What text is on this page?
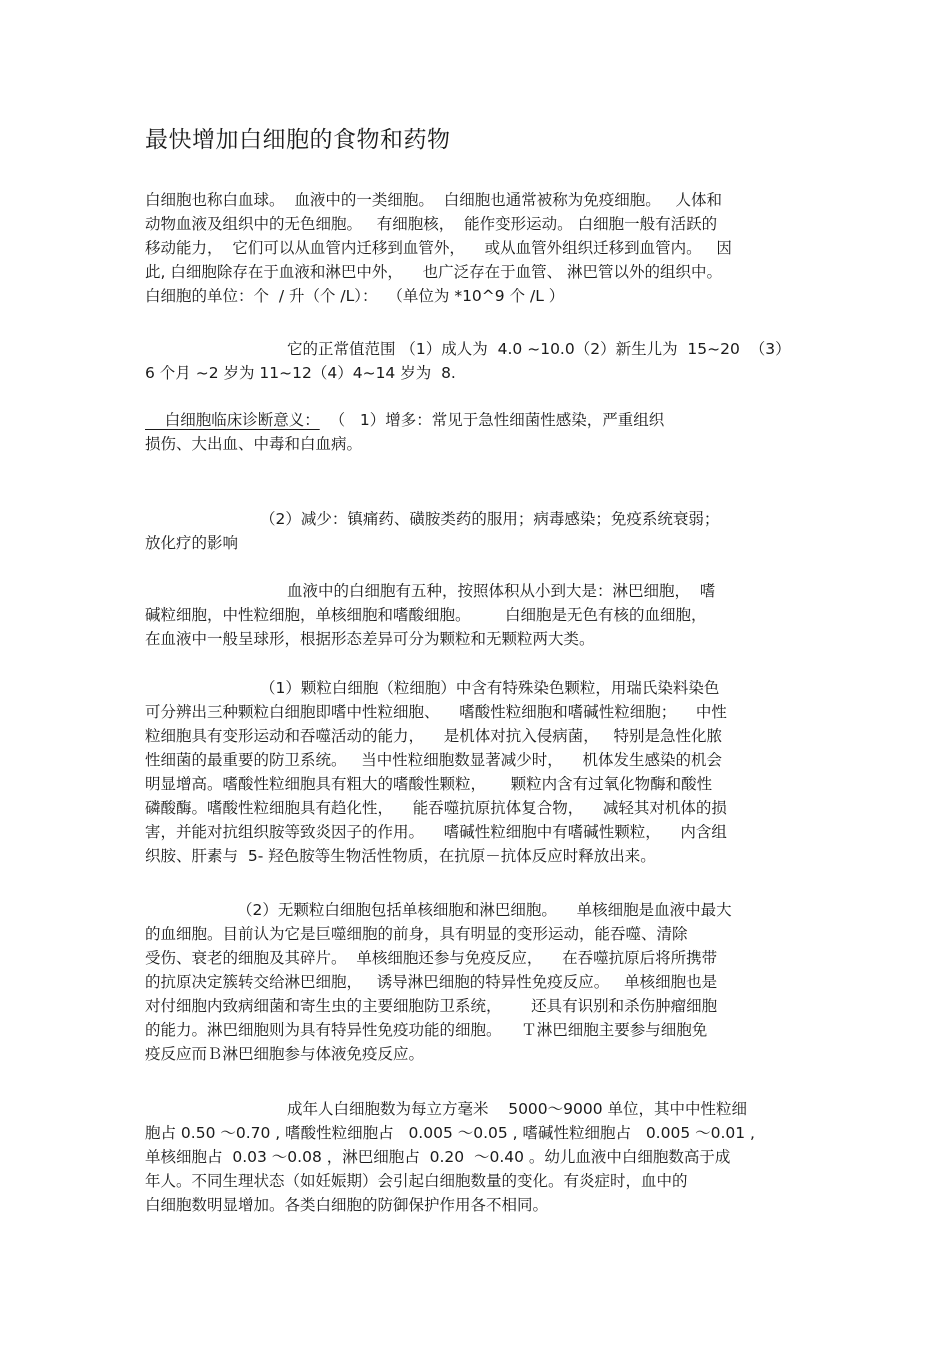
最快增加白细胞的食物和药物
白细胞也称白血球。  血液中的一类细胞。  白细胞也通常被称为免疫细胞。   人体和
动物血液及组织中的无色细胞。   有细胞核，  能作变形运动。 白细胞一般有活跃的
移动能力，  它们可以从血管内迁移到血管外，    或从血管外组织迁移到血管内。   因
此, 白细胞除存在于血液和淋巴中外，    也广泛存在于血管、 淋巴管以外的组织中。
白细胞的单位：个  / 升（个 /L）：  （单位为 *10^9 个 /L ）
它的正常值范围 （1）成人为  4.0 ~10.0（2）新生儿为  15~20  （3）
6 个月 ~2 岁为 11~12（4）4~14 岁为  8.
白细胞临床诊断意义：  （   1）增多：常见于急性细菌性感染，严重组织
损伤、大出血、中毒和白血病。
（2）减少：镇痛药、磺胺类药的服用；病毒感染；免疫系统衰弱；
放化疗的影响
血液中的白细胞有五种，按照体积从小到大是：淋巴细胞，  嗜
碱粒细胞，中性粒细胞，单核细胞和嗜酸细胞。       白细胞是无色有核的血细胞，
在血液中一般呈球形，根据形态差异可分为颗粒和无颗粒两大类。
（1）颗粒白细胞（粒细胞）中含有特殊染色颗粒，用瑞氏染料染色
可分辨出三种颗粒白细胞即嗜中性粒细胞、    嗜酸性粒细胞和嗜碱性粒细胞；    中性
粒细胞具有变形运动和吞噬活动的能力，    是机体对抗入侵病菌，   特别是急性化脓
性细菌的最重要的防卫系统。   当中性粒细胞数显著减少时，    机体发生感染的机会
明显增高。嗜酸性粒细胞具有粗大的嗜酸性颗粒，     颗粒内含有过氧化物酶和酸性
磷酸酶。嗜酸性粒细胞具有趋化性，    能吞噬抗原抗体复合物，    减轻其对机体的损
害，并能对抗组织胺等致炎因子的作用。    嗜碱性粒细胞中有嗜碱性颗粒，    内含组
织胺、肝素与  5- 羟色胺等生物活性物质，在抗原－抗体反应时释放出来。
（2）无颗粒白细胞包括单核细胞和淋巴细胞。    单核细胞是血液中最大
的血细胞。目前认为它是巨噬细胞的前身，具有明显的变形运动，能吞噬、清除
受伤、衰老的细胞及其碎片。  单核细胞还参与免疫反应，    在吞噬抗原后将所携带
的抗原决定簇转交给淋巴细胞，   诱导淋巴细胞的特异性免疫反应。   单核细胞也是
对付细胞内致病细菌和寄生虫的主要细胞防卫系统，      还具有识别和杀伤肿瘤细胞
的能力。淋巴细胞则为具有特异性免疫功能的细胞。    Ｔ淋巴细胞主要参与细胞免
疫反应而Ｂ淋巴细胞参与体液免疫反应。
成年人白细胞数为每立方毫米    5000～9000 单位，其中中性粒细
胞占 0.50 ～0.70 , 嗜酸性粒细胞占   0.005 ～0.05 , 嗜碱性粒细胞占   0.005 ～0.01 ,
单核细胞占  0.03 ～0.08 ，淋巴细胞占  0.20  ～0.40 。幼儿血液中白细胞数高于成
年人。不同生理状态（如妊娠期）会引起白细胞数量的变化。有炎症时，血中的
白细胞数明显增加。各类白细胞的防御保护作用各不相同。
